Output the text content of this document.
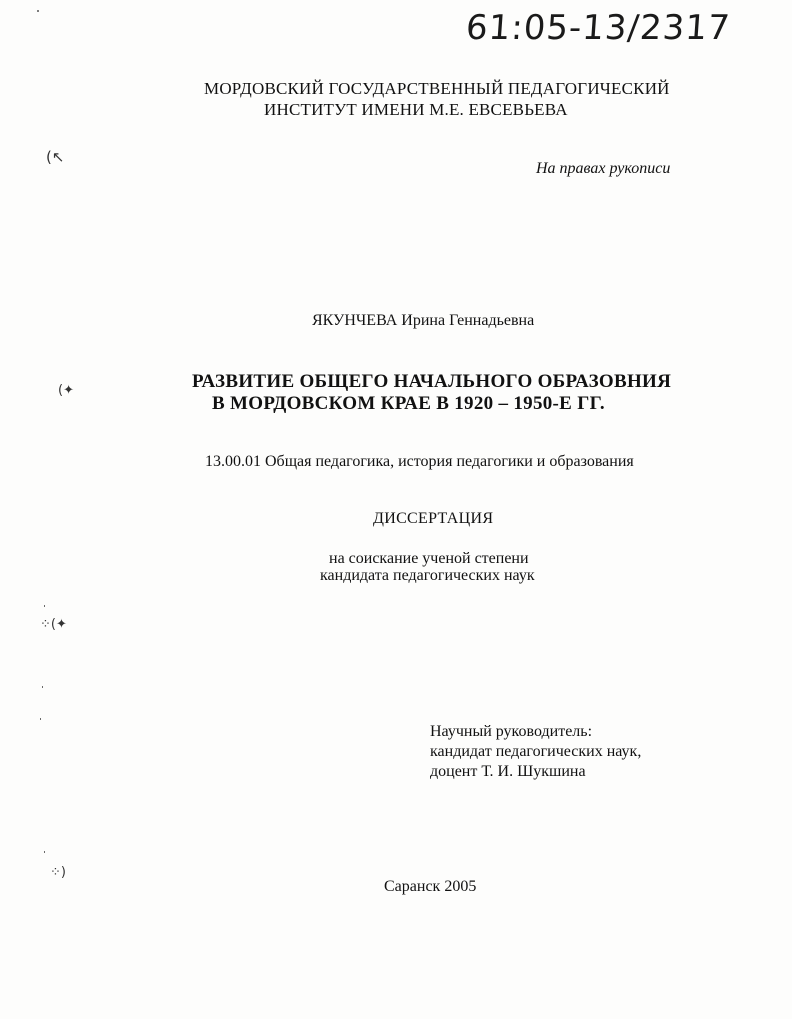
61:05-13/2317
МОРДОВСКИЙ ГОСУДАРСТВЕННЫЙ ПЕДАГОГИЧЕСКИЙ
ИНСТИТУТ ИМЕНИ М.Е. ЕВСЕВЬЕВА
На правах рукописи
ЯКУНЧЕВА Ирина Геннадьевна
РАЗВИТИЕ ОБЩЕГО НАЧАЛЬНОГО ОБРАЗОВНИЯ
В МОРДОВСКОМ КРАЕ В 1920 – 1950-Е ГГ.
13.00.01 Общая педагогика, история педагогики и образования
ДИССЕРТАЦИЯ
на соискание ученой степени
кандидата педагогических наук
Научный руководитель:
кандидат педагогических наук,
доцент Т. И. Шукшина
Саранск 2005
(↖
(✦
⁘(✦
⁘)
